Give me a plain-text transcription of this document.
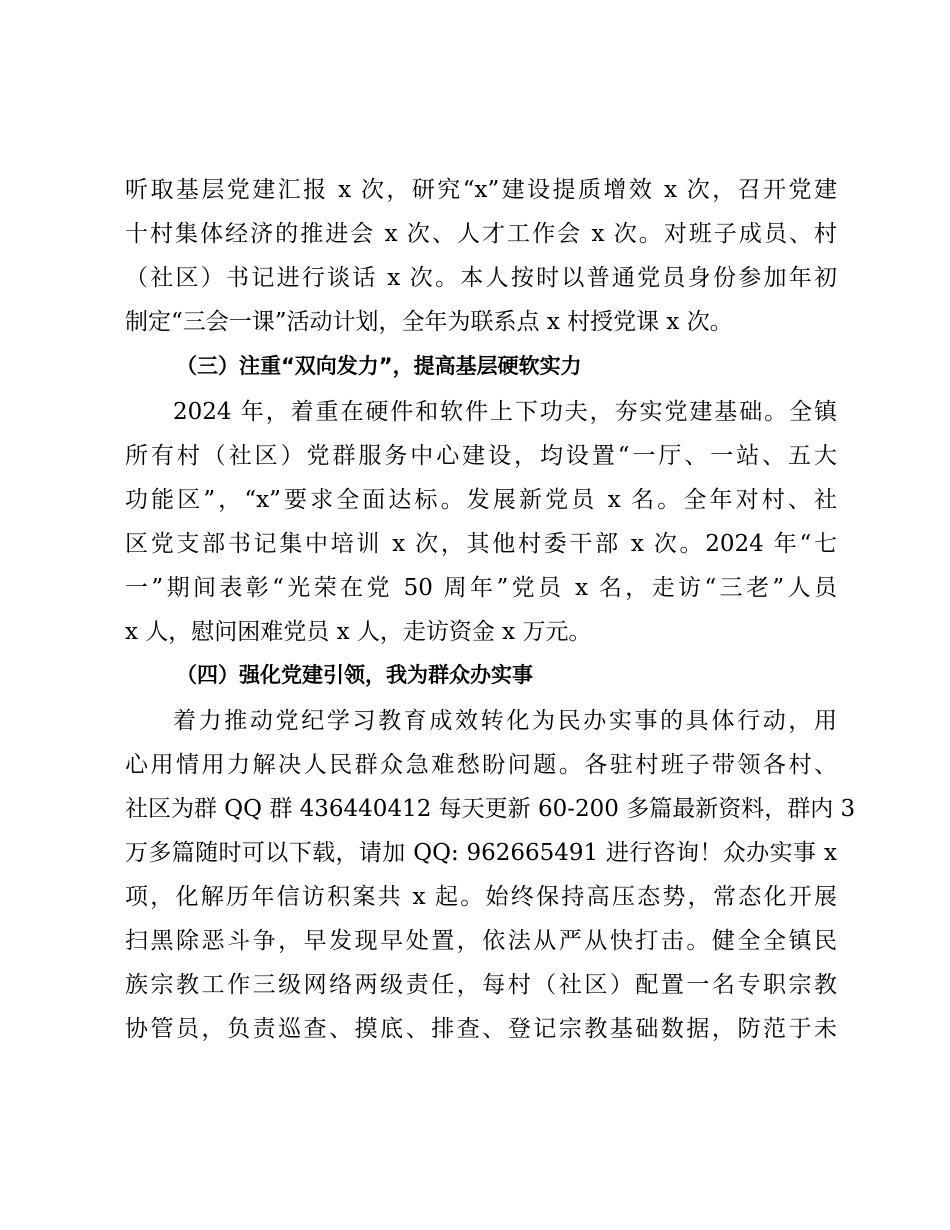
听取基层党建汇报 x 次，研究“x”建设提质增效 x 次，召开党建
十村集体经济的推进会 x 次、人才工作会 x 次。对班子成员、村
（社区）书记进行谈话 x 次。本人按时以普通党员身份参加年初
制定“三会一课”活动计划，全年为联系点 x 村授党课 x 次。
（三）注重“双向发力”，提高基层硬软实力
2024 年，着重在硬件和软件上下功夫，夯实党建基础。全镇
所有村（社区）党群服务中心建设，均设置“一厅、一站、五大
功能区”，“x”要求全面达标。发展新党员 x 名。全年对村、社
区党支部书记集中培训 x 次，其他村委干部 x 次。2024 年“七
一”期间表彰“光荣在党 50 周年”党员 x 名，走访“三老”人员
x 人，慰问困难党员 x 人，走访资金 x 万元。
（四）强化党建引领，我为群众办实事
着力推动党纪学习教育成效转化为民办实事的具体行动，用
心用情用力解决人民群众急难愁盼问题。各驻村班子带领各村、
社区为群 QQ 群 436440412 每天更新 60-200 多篇最新资料，群内 3
万多篇随时可以下载，请加 QQ: 962665491 进行咨询！众办实事 x
项，化解历年信访积案共 x 起。始终保持高压态势，常态化开展
扫黑除恶斗争，早发现早处置，依法从严从快打击。健全全镇民
族宗教工作三级网络两级责任，每村（社区）配置一名专职宗教
协管员，负责巡查、摸底、排查、登记宗教基础数据，防范于未
